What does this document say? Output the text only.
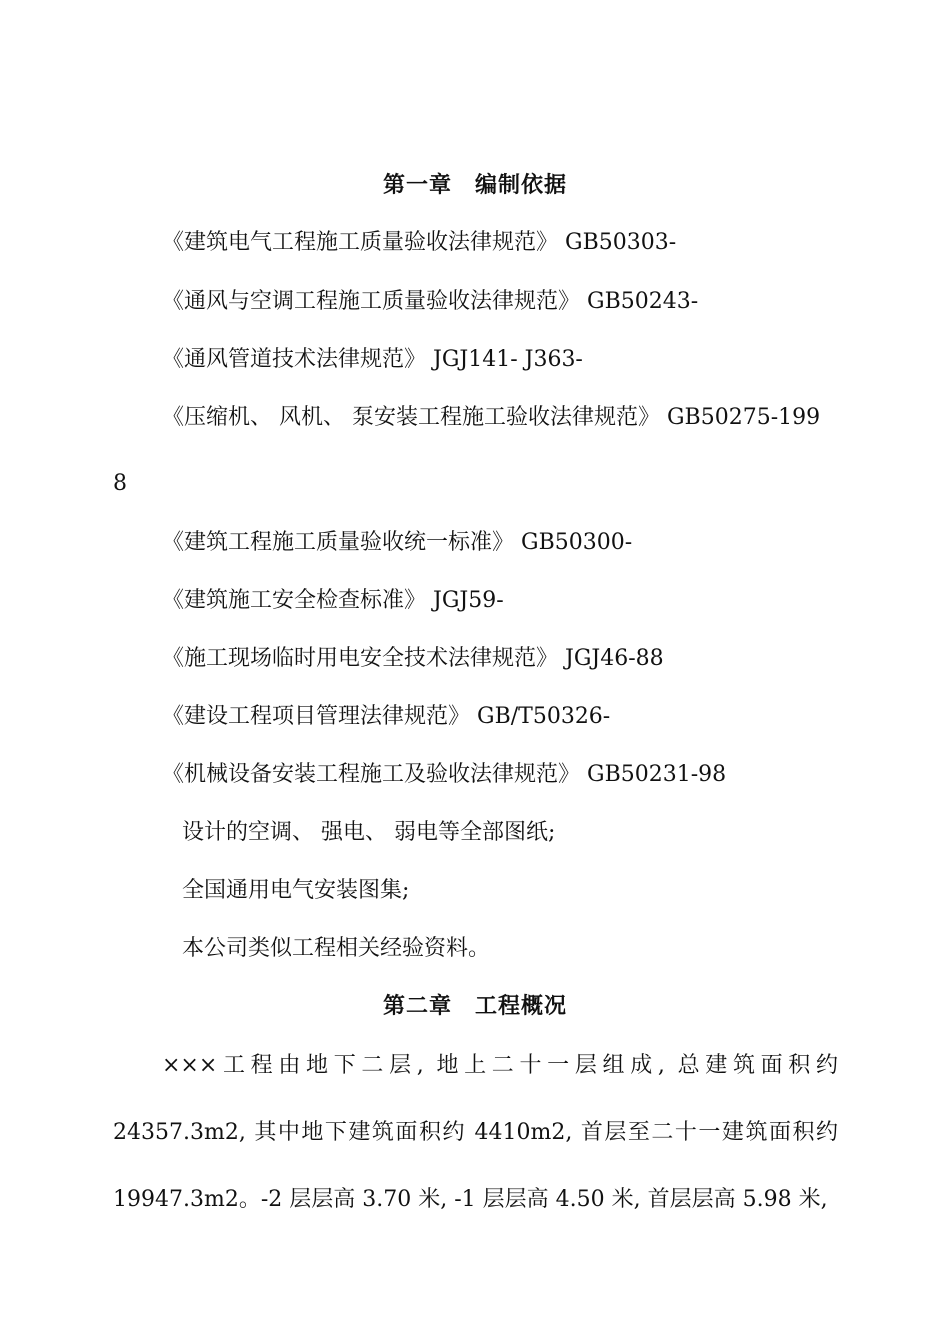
第一章　编制依据
《建筑电气工程施工质量验收法律规范》 GB50303-
《通风与空调工程施工质量验收法律规范》 GB50243-
《通风管道技术法律规范》 JGJ141- J363-
《压缩机、 风机、 泵安装工程施工验收法律规范》 GB50275-199
8
《建筑工程施工质量验收统一标准》 GB50300-
《建筑施工安全检查标准》 JGJ59-
《施工现场临时用电安全技术法律规范》 JGJ46-88
《建设工程项目管理法律规范》 GB/T50326-
《机械设备安装工程施工及验收法律规范》 GB50231-98
设计的空调、 强电、 弱电等全部图纸;
全国通用电气安装图集;
本公司类似工程相关经验资料。
第二章　工程概况
×××工程由地下二层, 地上二十一层组成, 总建筑面积约
24357.3m2, 其中地下建筑面积约 4410m2, 首层至二十一建筑面积约
19947.3m2。-2 层层高 3.70 米, -1 层层高 4.50 米, 首层层高 5.98 米,
